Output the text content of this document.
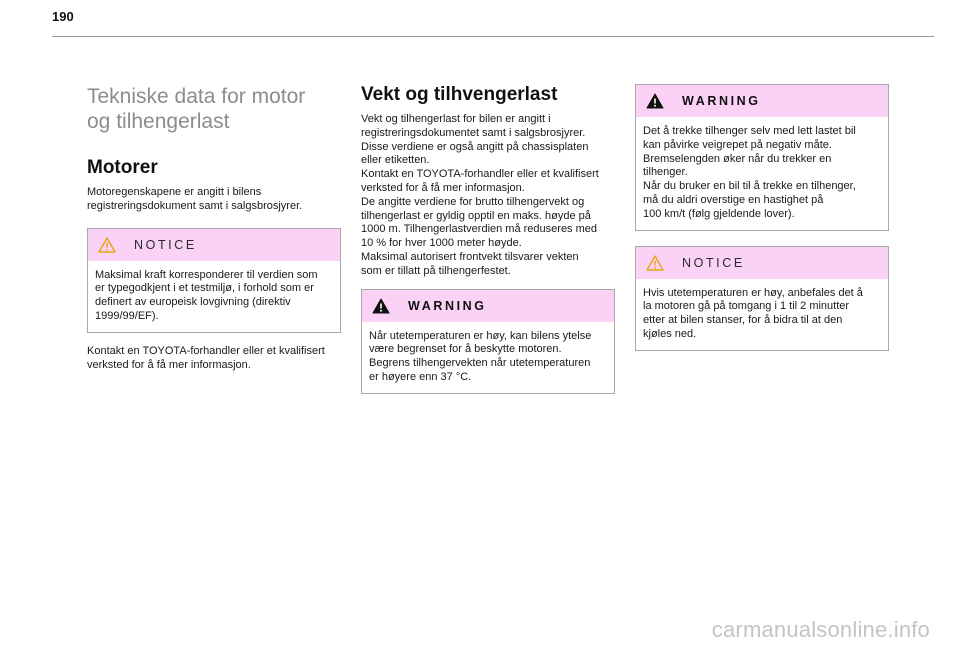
190
Tekniske data for motor
og tilhengerlast
Motorer

Motoregenskapene er angitt i bilens
registreringsdokument samt i salgsbrosjyrer.

NOTICE

Maksimal kraft korresponderer til verdien som
er typegodkjent i et testmiljø, i forhold som er
definert av europeisk lovgivning (direktiv
1999/99/EF).

Kontakt en TOYOTA-forhandler eller et kvalifisert
verksted for å få mer informasjon.

Vekt og tilhvengerlast

Vekt og tilhengerlast for bilen er angitt i
registreringsdokumentet samt i salgsbrosjyrer.
Disse verdiene er også angitt på chassisplaten
eller etiketten.
Kontakt en TOYOTA-forhandler eller et kvalifisert
verksted for å få mer informasjon.
De angitte verdiene for brutto tilhengervekt og
tilhengerlast er gyldig opptil en maks. høyde på
1000 m. Tilhengerlastverdien må reduseres med
10 % for hver 1000 meter høyde.
Maksimal autorisert frontvekt tilsvarer vekten
som er tillatt på tilhengerfestet.

WARNING

Når utetemperaturen er høy, kan bilens ytelse
være begrenset for å beskytte motoren.
Begrens tilhengervekten når utetemperaturen
er høyere enn 37 °C.

WARNING

Det å trekke tilhenger selv med lett lastet bil
kan påvirke veigrepet på negativ måte.
Bremselengden øker når du trekker en
tilhenger.
Når du bruker en bil til å trekke en tilhenger,
må du aldri overstige en hastighet på
100 km/t (følg gjeldende lover).

NOTICE

Hvis utetemperaturen er høy, anbefales det å
la motoren gå på tomgang i 1 til 2 minutter
etter at bilen stanser, for å bidra til at den
kjøles ned.

carmanualsonline.info
